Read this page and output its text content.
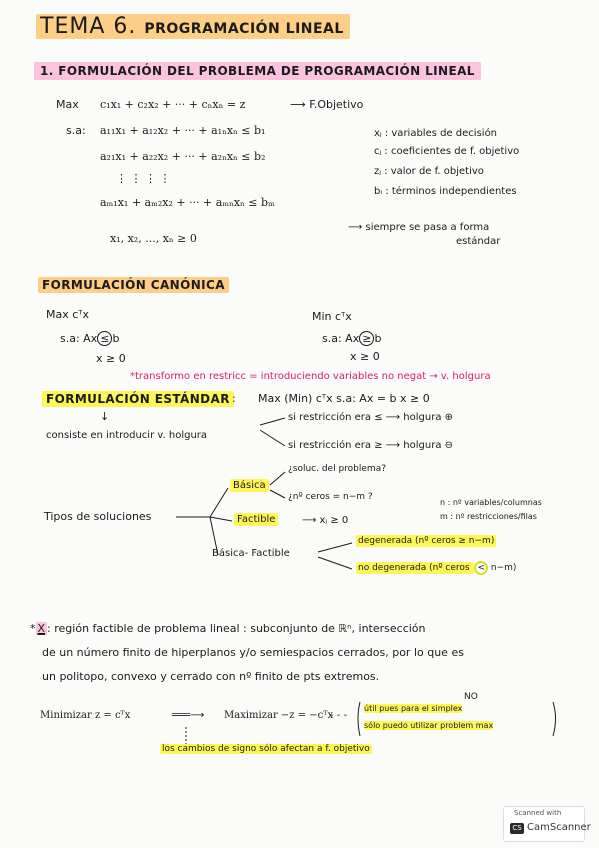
TEMA 6. PROGRAMACIÓN LINEAL
1. FORMULACIÓN DEL PROBLEMA DE PROGRAMACIÓN LINEAL
Max c₁x₁ + c₂x₂ + ··· + cₙxₙ = z	⟶ F.Objetivo
s.a: a₁₁x₁ + a₁₂x₂ + ··· + a₁ₙxₙ ≤ b₁
a₂₁x₁ + a₂₂x₂ + ··· + a₂ₙxₙ ≤ b₂
⋮ ⋮ ⋮ ⋮
aₘ₁x₁ + aₘ₂x₂ + ··· + aₘₙxₙ ≤ bₘ
x₁, x₂, ..., xₙ ≥ 0
⟶ siempre se pasa a forma
estándar
xⱼ : variables de decisión
cⱼ : coeficientes de f. objetivo
zⱼ : valor de f. objetivo
bᵢ : términos independientes
FORMULACIÓN CANÓNICA
Max cᵀx
s.a: Ax ≤ b
x ≥ 0
Min cᵀx
s.a: Ax ≥ b
x ≥ 0
*transformo en restricc = introduciendo variables no negat → v. holgura
FORMULACIÓN ESTÁNDAR : Max (Min) cᵀx s.a: Ax = b x ≥ 0
↓
consiste en introducir v. holgura
si restricción era ≤ ⟶ holgura ⊕
si restricción era ≥ ⟶ holgura ⊖
Tipos de soluciones
Básica
¿soluc. del problema?
¿nº ceros = n−m ?
Factible	⟶ xⱼ ≥ 0
n : nº variables/columnas
m : nº restricciones/filas
Básica- Factible
degenerada (nº ceros ≥ n−m)
no degenerada (nº ceros < n−m)
* X : región factible de problema lineal : subconjunto de ℝⁿ, intersección
de un número finito de hiperplanos y/o semiespacios cerrados, por lo que es
un politopo, convexo y cerrado con nº finito de pts extremos.
NO
Minimizar z = cᵀx	═══⟶ Maximizar −z = −cᵀx
- - -
útil pues para el simplex
sólo puedo utilizar problem max
los cambios de signo sólo afectan a f. objetivo
Scanned with
CS CamScanner
